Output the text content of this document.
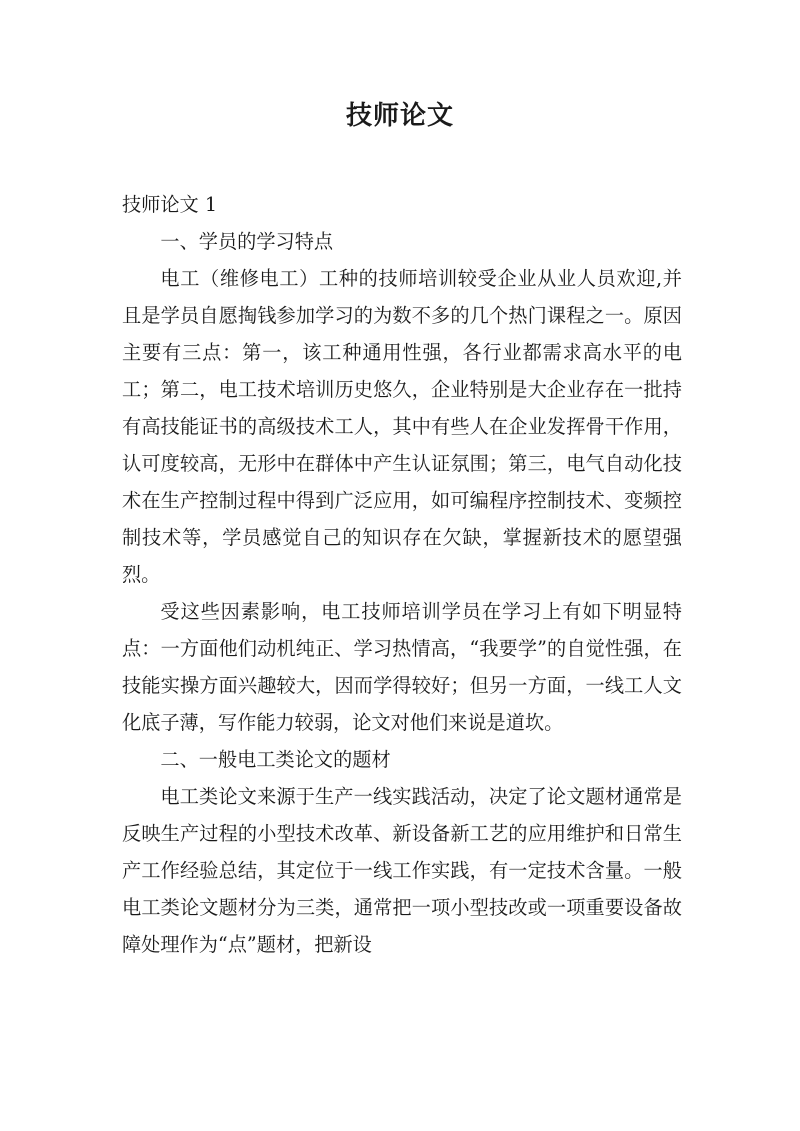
技师论文

技师论文 1

一、学员的学习特点

电工（维修电工）工种的技师培训较受企业从业人员欢迎,并且是学员自愿掏钱参加学习的为数不多的几个热门课程之一。原因主要有三点：第一，该工种通用性强，各行业都需求高水平的电工；第二，电工技术培训历史悠久，企业特别是大企业存在一批持有高技能证书的高级技术工人，其中有些人在企业发挥骨干作用，认可度较高，无形中在群体中产生认证氛围；第三，电气自动化技术在生产控制过程中得到广泛应用，如可编程序控制技术、变频控制技术等，学员感觉自己的知识存在欠缺，掌握新技术的愿望强烈。

受这些因素影响，电工技师培训学员在学习上有如下明显特点：一方面他们动机纯正、学习热情高，“我要学”的自觉性强，在技能实操方面兴趣较大，因而学得较好；但另一方面，一线工人文化底子薄，写作能力较弱，论文对他们来说是道坎。

二、一般电工类论文的题材

电工类论文来源于生产一线实践活动，决定了论文题材通常是反映生产过程的小型技术改革、新设备新工艺的应用维护和日常生产工作经验总结，其定位于一线工作实践，有一定技术含量。一般电工类论文题材分为三类，通常把一项小型技改或一项重要设备故障处理作为“点”题材，把新设
